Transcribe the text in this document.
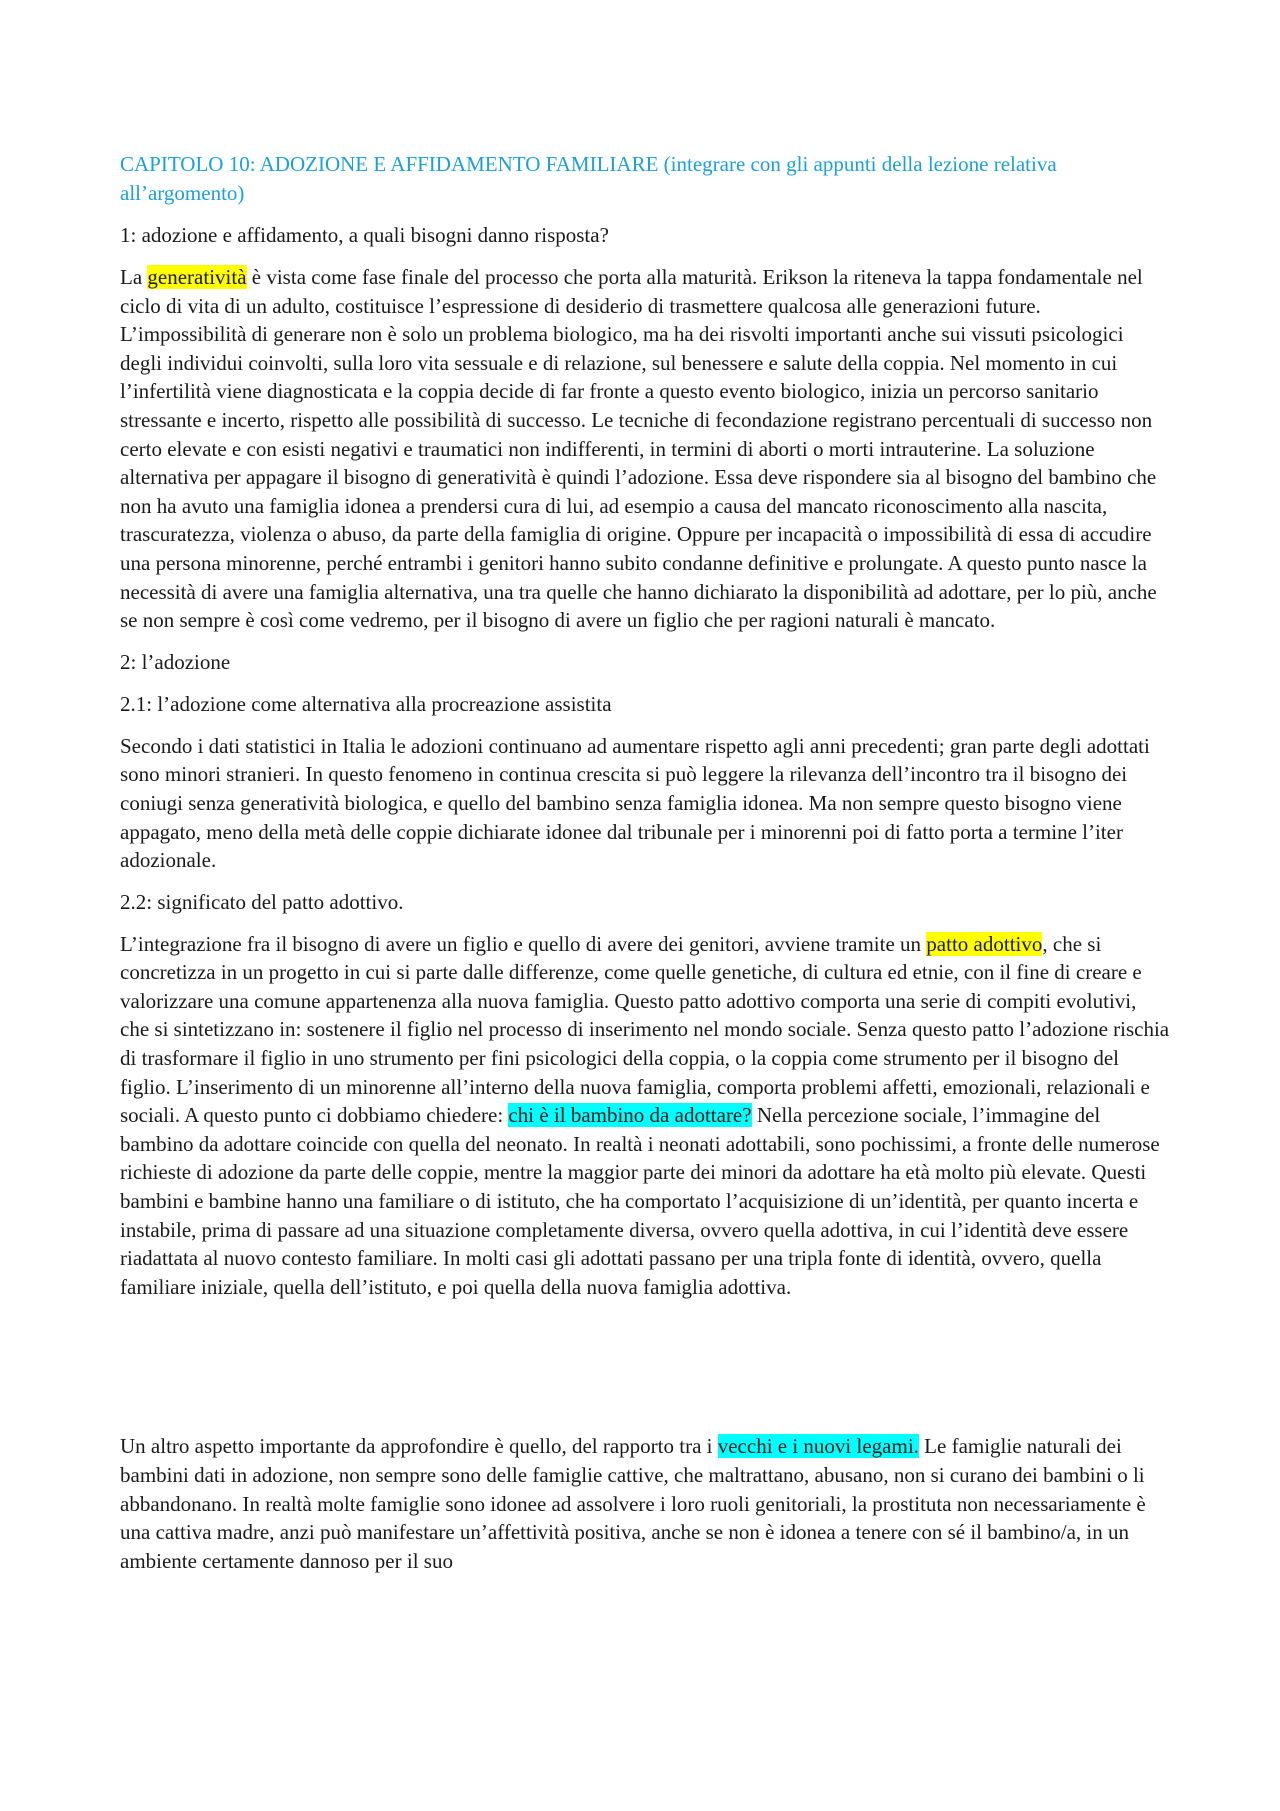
CAPITOLO 10: ADOZIONE E AFFIDAMENTO FAMILIARE (integrare con gli appunti della lezione relativa all’argomento)

1: adozione e affidamento, a quali bisogni danno risposta?

La generatività è vista come fase finale del processo che porta alla maturità. Erikson la riteneva la tappa fondamentale nel ciclo di vita di un adulto, costituisce l’espressione di desiderio di trasmettere qualcosa alle generazioni future. L’impossibilità di generare non è solo un problema biologico, ma ha dei risvolti importanti anche sui vissuti psicologici degli individui coinvolti, sulla loro vita sessuale e di relazione, sul benessere e salute della coppia. Nel momento in cui l’infertilità viene diagnosticata e la coppia decide di far fronte a questo evento biologico, inizia un percorso sanitario stressante e incerto, rispetto alle possibilità di successo. Le tecniche di fecondazione registrano percentuali di successo non certo elevate e con esisti negativi e traumatici non indifferenti, in termini di aborti o morti intrauterine. La soluzione alternativa per appagare il bisogno di generatività è quindi l’adozione. Essa deve rispondere sia al bisogno del bambino che non ha avuto una famiglia idonea a prendersi cura di lui, ad esempio a causa del mancato riconoscimento alla nascita, trascuratezza, violenza o abuso, da parte della famiglia di origine. Oppure per incapacità o impossibilità di essa di accudire una persona minorenne, perché entrambi i genitori hanno subito condanne definitive e prolungate. A questo punto nasce la necessità di avere una famiglia alternativa, una tra quelle che hanno dichiarato la disponibilità ad adottare, per lo più, anche se non sempre è così come vedremo, per il bisogno di avere un figlio che per ragioni naturali è mancato.

2: l’adozione

2.1: l’adozione come alternativa alla procreazione assistita

Secondo i dati statistici in Italia le adozioni continuano ad aumentare rispetto agli anni precedenti; gran parte degli adottati sono minori stranieri. In questo fenomeno in continua crescita si può leggere la rilevanza dell’incontro tra il bisogno dei coniugi senza generatività biologica, e quello del bambino senza famiglia idonea. Ma non sempre questo bisogno viene appagato, meno della metà delle coppie dichiarate idonee dal tribunale per i minorenni poi di fatto porta a termine l’iter adozionale.

2.2: significato del patto adottivo.

L’integrazione fra il bisogno di avere un figlio e quello di avere dei genitori, avviene tramite un patto adottivo, che si concretizza in un progetto in cui si parte dalle differenze, come quelle genetiche, di cultura ed etnie, con il fine di creare e valorizzare una comune appartenenza alla nuova famiglia. Questo patto adottivo comporta una serie di compiti evolutivi, che si sintetizzano in: sostenere il figlio nel processo di inserimento nel mondo sociale. Senza questo patto l’adozione rischia di trasformare il figlio in uno strumento per fini psicologici della coppia, o la coppia come strumento per il bisogno del figlio. L’inserimento di un minorenne all’interno della nuova famiglia, comporta problemi affetti, emozionali, relazionali e sociali. A questo punto ci dobbiamo chiedere: chi è il bambino da adottare? Nella percezione sociale, l’immagine del bambino da adottare coincide con quella del neonato. In realtà i neonati adottabili, sono pochissimi, a fronte delle numerose richieste di adozione da parte delle coppie, mentre la maggior parte dei minori da adottare ha età molto più elevate. Questi bambini e bambine hanno una familiare o di istituto, che ha comportato l’acquisizione di un’identità, per quanto incerta e instabile, prima di passare ad una situazione completamente diversa, ovvero quella adottiva, in cui l’identità deve essere riadattata al nuovo contesto familiare. In molti casi gli adottati passano per una tripla fonte di identità, ovvero, quella familiare iniziale, quella dell’istituto, e poi quella della nuova famiglia adottiva.

Un altro aspetto importante da approfondire è quello, del rapporto tra i vecchi e i nuovi legami. Le famiglie naturali dei bambini dati in adozione, non sempre sono delle famiglie cattive, che maltrattano, abusano, non si curano dei bambini o li abbandonano. In realtà molte famiglie sono idonee ad assolvere i loro ruoli genitoriali, la prostituta non necessariamente è una cattiva madre, anzi può manifestare un’affettività positiva, anche se non è idonea a tenere con sé il bambino/a, in un ambiente certamente dannoso per il suo
